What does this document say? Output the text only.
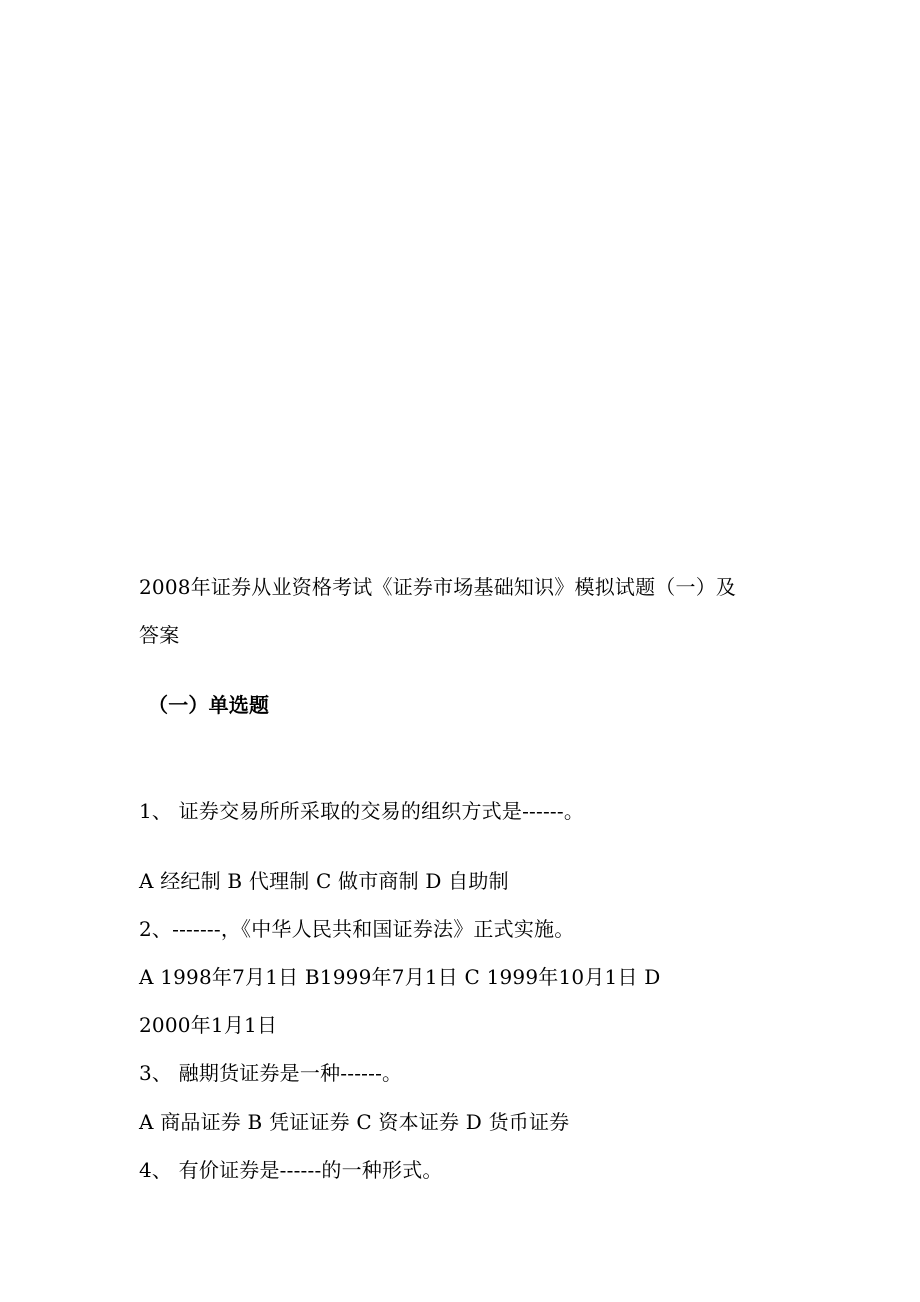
2008年证券从业资格考试《证券市场基础知识》模拟试题（一）及
答案
（一）单选题
1、 证券交易所所采取的交易的组织方式是------。
A 经纪制 B 代理制 C 做市商制 D 自助制
2、-------，《中华人民共和国证券法》正式实施。
A 1998年7月1日 B1999年7月1日 C 1999年10月1日 D
2000年1月1日
3、 融期货证券是一种------。
A 商品证券 B 凭证证券 C 资本证券 D 货币证券
4、 有价证券是------的一种形式。
